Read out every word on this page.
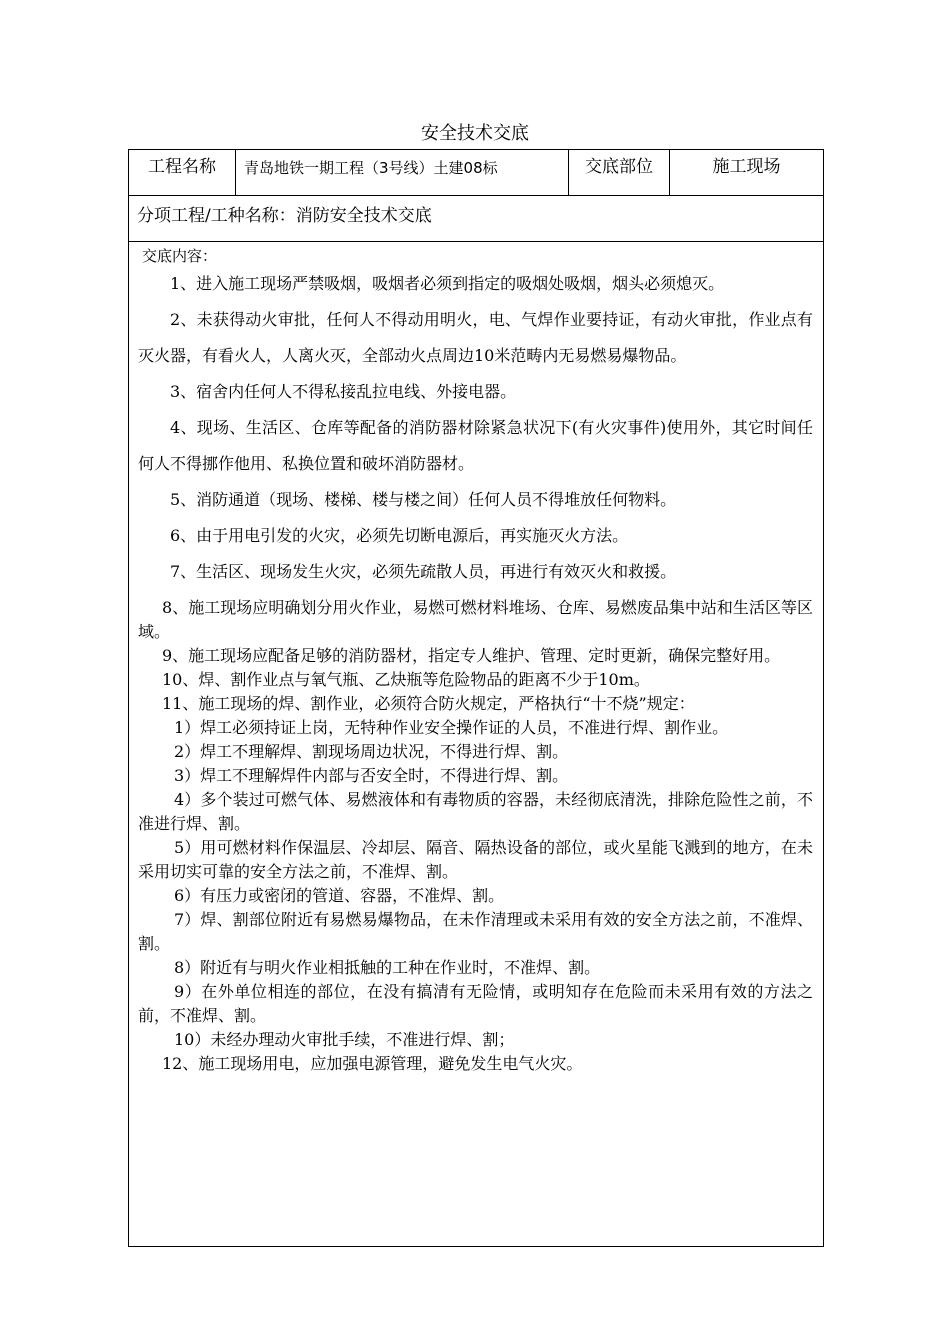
安全技术交底
工程名称	青岛地铁一期工程（3号线）土建08标	交底部位	施工现场
分项工程/工种名称：消防安全技术交底

交底内容：
1、进入施工现场严禁吸烟，吸烟者必须到指定的吸烟处吸烟，烟头必须熄灭。
2、未获得动火审批，任何人不得动用明火，电、气焊作业要持证，有动火审批，作业点有灭火器，有看火人，人离火灭，全部动火点周边10米范畴内无易燃易爆物品。
3、宿舍内任何人不得私接乱拉电线、外接电器。
4、现场、生活区、仓库等配备的消防器材除紧急状况下(有火灾事件)使用外，其它时间任何人不得挪作他用、私换位置和破坏消防器材。
5、消防通道（现场、楼梯、楼与楼之间）任何人员不得堆放任何物料。
6、由于用电引发的火灾，必须先切断电源后，再实施灭火方法。
7、生活区、现场发生火灾，必须先疏散人员，再进行有效灭火和救援。
8、施工现场应明确划分用火作业，易燃可燃材料堆场、仓库、易燃废品集中站和生活区等区域。
9、施工现场应配备足够的消防器材，指定专人维护、管理、定时更新，确保完整好用。
10、焊、割作业点与氧气瓶、乙炔瓶等危险物品的距离不少于10m。
11、施工现场的焊、割作业，必须符合防火规定，严格执行“十不烧”规定：
1）焊工必须持证上岗，无特种作业安全操作证的人员，不准进行焊、割作业。
2）焊工不理解焊、割现场周边状况，不得进行焊、割。
3）焊工不理解焊件内部与否安全时，不得进行焊、割。
4）多个装过可燃气体、易燃液体和有毒物质的容器，未经彻底清洗，排除危险性之前，不准进行焊、割。
5）用可燃材料作保温层、冷却层、隔音、隔热设备的部位，或火星能飞溅到的地方，在未采用切实可靠的安全方法之前，不准焊、割。
6）有压力或密闭的管道、容器，不准焊、割。
7）焊、割部位附近有易燃易爆物品，在未作清理或未采用有效的安全方法之前，不准焊、割。
8）附近有与明火作业相抵触的工种在作业时，不准焊、割。
9）在外单位相连的部位，在没有搞清有无险情，或明知存在危险而未采用有效的方法之前，不准焊、割。
10）未经办理动火审批手续，不准进行焊、割；
12、施工现场用电，应加强电源管理，避免发生电气火灾。
